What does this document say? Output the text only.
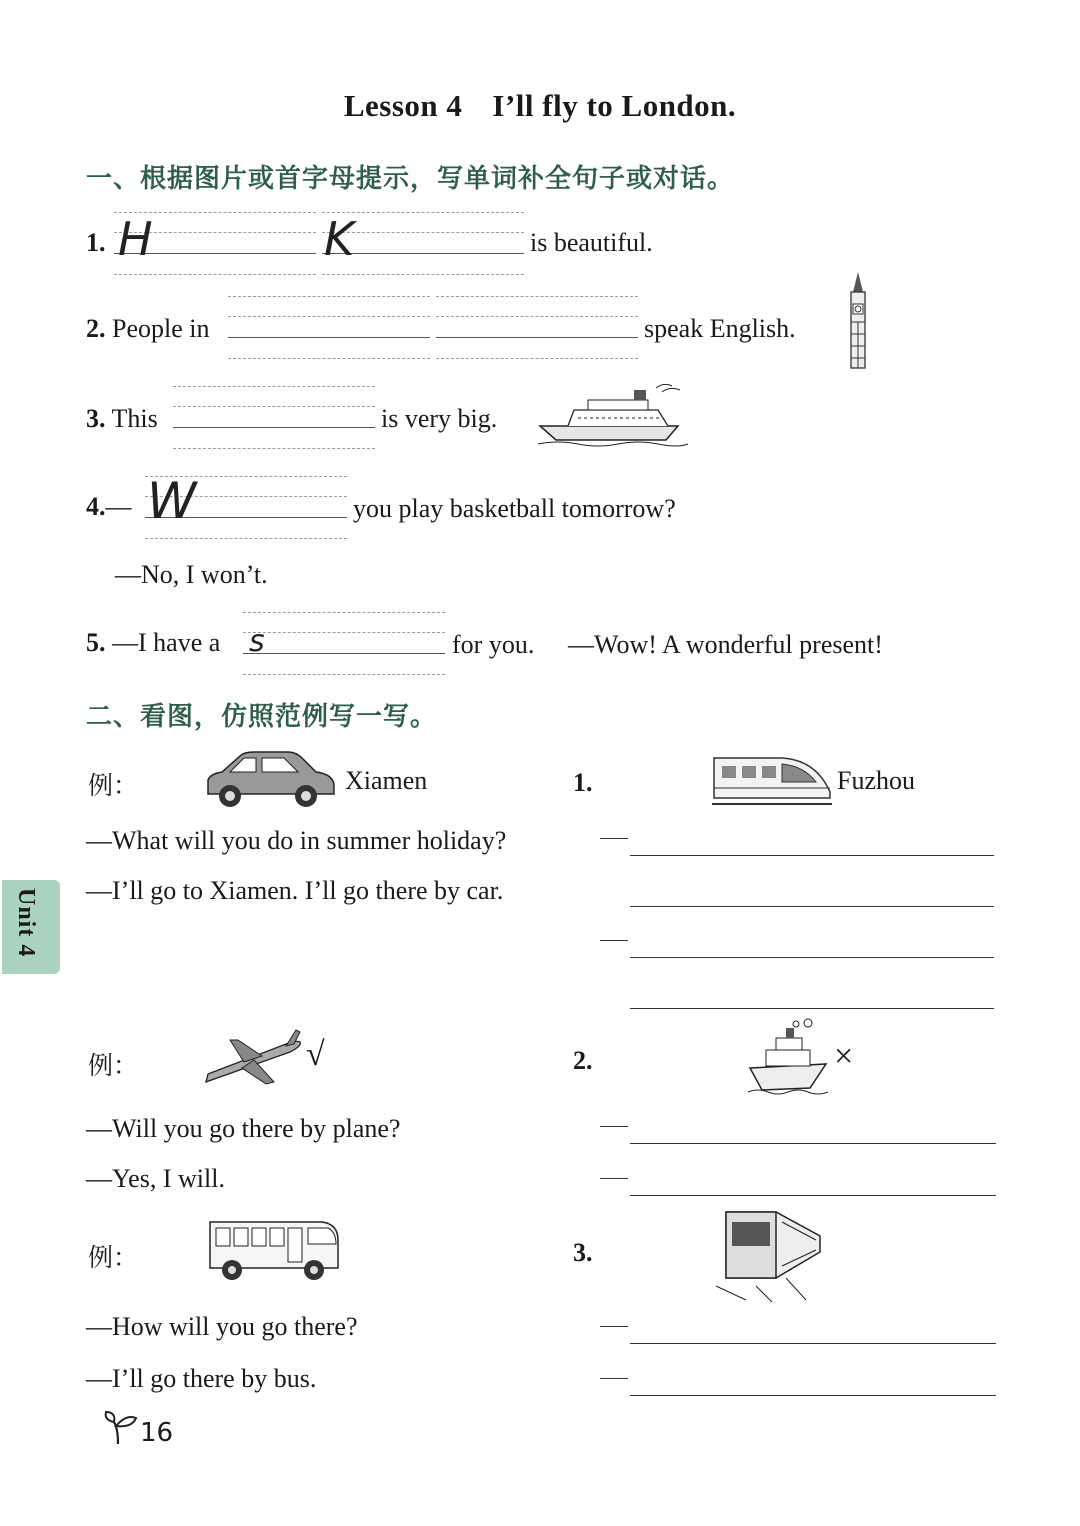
Lesson 4 I’ll fly to London.
一、根据图片或首字母提示，写单词补全句子或对话。
1. H	K	is beautiful.
2. People in	speak English.
3. This	is very big.
4.— W	you play basketball tomorrow?
—No, I won’t.
5. —I have a s	for you. —Wow! A wonderful present!
二、看图，仿照范例写一写。
例：	Xiamen
—What will you do in summer holiday?
—I’ll go to Xiamen. I’ll go there by car.
1.	Fuzhou
Unit 4
例：	√
—Will you go there by plane?
—Yes, I will.
2.	×
例：
—How will you go there?
—I’ll go there by bus.
3.
16
